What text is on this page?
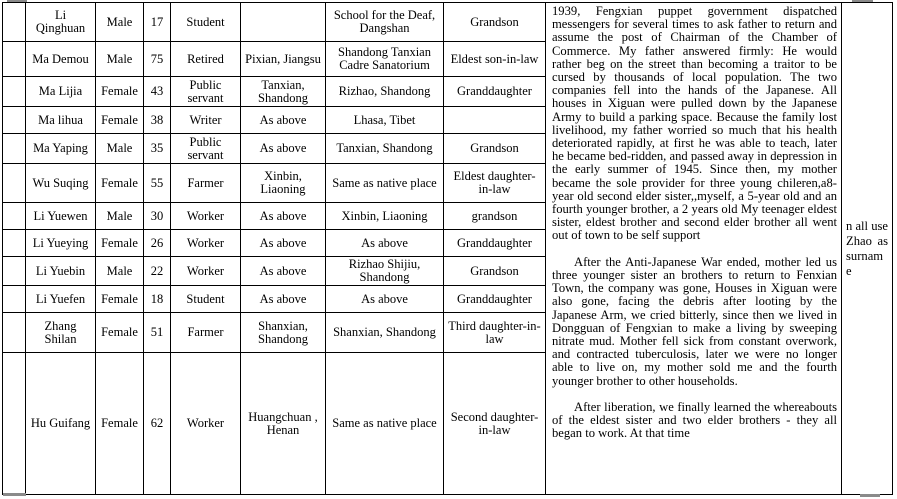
	Li Qinghuan	Male	17	Student		School for the Deaf, Dangshan	Grandson
	Ma Demou	Male	75	Retired	Pixian, Jiangsu	Shandong Tanxian Cadre Sanatorium	Eldest son-in-law
	Ma Lijia	Female	43	Public servant	Tanxian, Shandong	Rizhao, Shandong	Granddaughter
	Ma lihua	Female	38	Writer	As above	Lhasa, Tibet	
	Ma Yaping	Male	35	Public servant	As above	Tanxian, Shandong	Grandson
	Wu Suqing	Female	55	Farmer	Xinbin, Liaoning	Same as native place	Eldest daughter-in-law
	Li Yuewen	Male	30	Worker	As above	Xinbin, Liaoning	grandson
	Li Yueying	Female	26	Worker	As above	As above	Granddaughter
	Li Yuebin	Male	22	Worker	As above	Rizhao Shijiu, Shandong	Grandson
	Li Yuefen	Female	18	Student	As above	As above	Granddaughter
	Zhang Shilan	Female	51	Farmer	Shanxian, Shandong	Shanxian, Shandong	Third daughter-in-law
	Hu Guifang	Female	62	Worker	Huangchuan , Henan	Same as native place	Second daughter-in-law

1939, Fengxian puppet government dispatched messengers for several times to ask father to return and assume the post of Chairman of the Chamber of Commerce. My father answered firmly: He would rather beg on the street than becoming a traitor to be cursed by thousands of local population. The two companies fell into the hands of the Japanese. All houses in Xiguan were pulled down by the Japanese Army to build a parking space. Because the family lost livelihood, my father worried so much that his health deteriorated rapidly, at first he was able to teach, later he became bed-ridden, and passed away in depression in the early summer of 1945. Since then, my mother became the sole provider for three young chileren,a8-year old second elder sister,,myself, a 5-year old and an fourth younger brother, a 2 years old My teenager eldest sister, eldest brother and second elder brother all went out of town to be self support

After the Anti-Japanese War ended, mother led us three younger sister an brothers to return to Fenxian Town, the company was gone, Houses in Xiguan were also gone, facing the debris after looting by the Japanese Arm, we cried bitterly, since then we lived in Dongguan of Fengxian to make a living by sweeping nitrate mud. Mother fell sick from constant overwork, and contracted tuberculosis, later we were no longer able to live on, my mother sold me and the fourth younger brother to other households.

After liberation, we finally learned the whereabouts of the eldest sister and two elder brothers - they all began to work. At that time

n all use Zhao as surname
